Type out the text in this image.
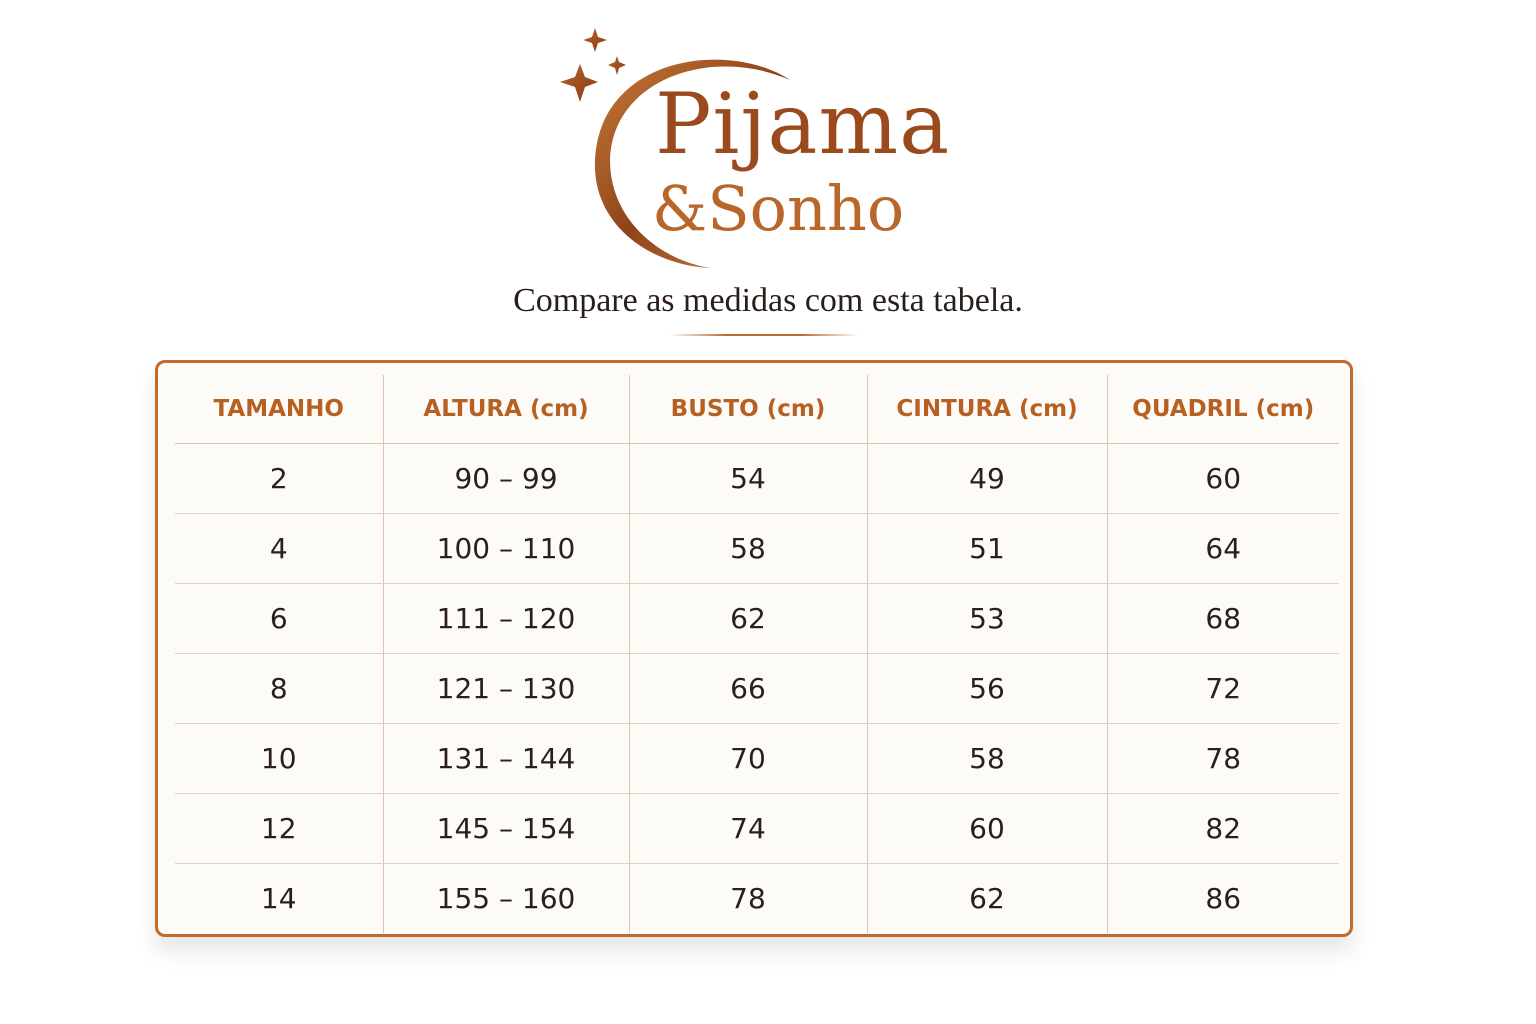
Pijama
&Sonho
Compare as medidas com esta tabela.
TAMANHO	ALTURA (cm)	BUSTO (cm)	CINTURA (cm)	QUADRIL (cm)
2	90 – 99	54	49	60
4	100 – 110	58	51	64
6	111 – 120	62	53	68
8	121 – 130	66	56	72
10	131 – 144	70	58	78
12	145 – 154	74	60	82
14	155 – 160	78	62	86
